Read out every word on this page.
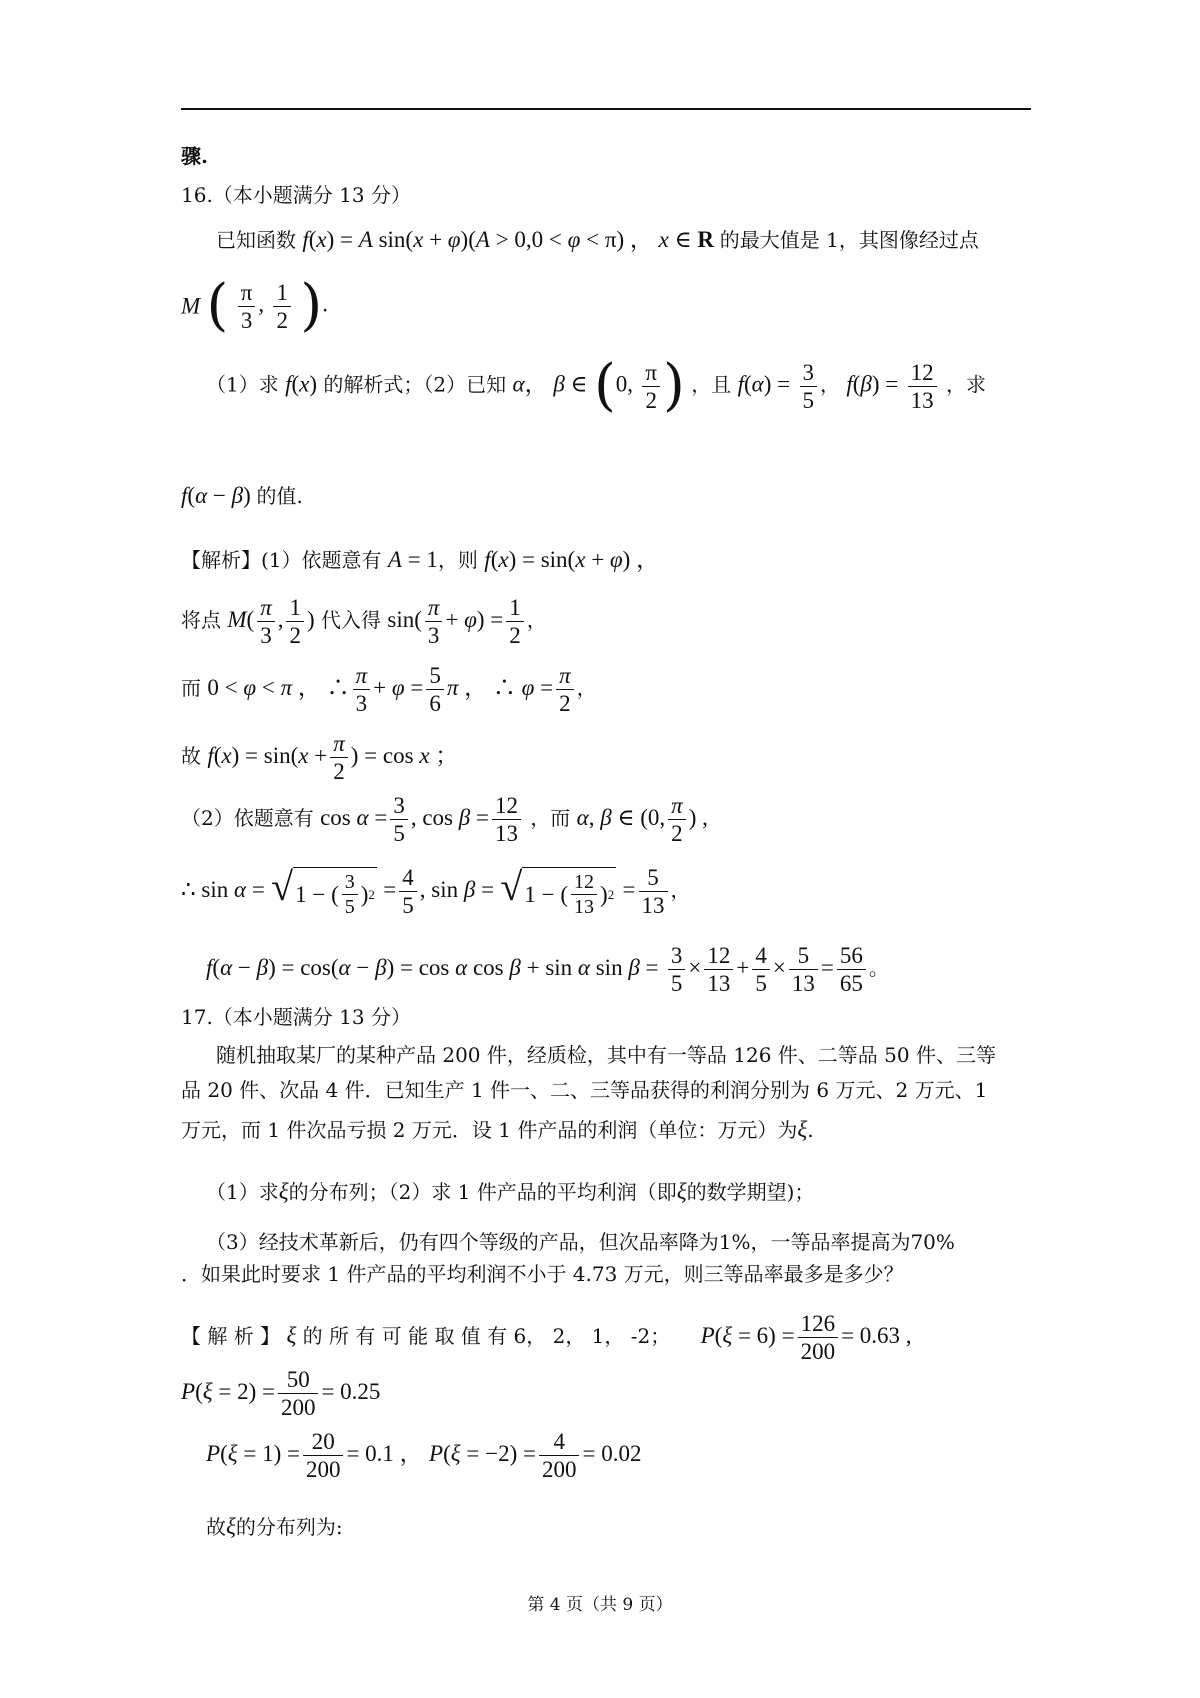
骤.
16.（本小题满分 13 分）
已知函数 f(x) = A sin(x + φ)(A > 0,0 < φ < π) ， x ∈ R 的最大值是 1，其图像经过点
M ( $\frac{\pi}{3}$ , $\frac{1}{2}$ ).
（1）求 f(x) 的解析式；（2）已知 α， β ∈ (0, $\frac{\pi}{2}$ ) ，且 $f(\alpha) = \frac{3}{5}$ ， $f(\beta) = \frac{12}{13}$ ，求
f(α − β) 的值.
【解析】(1）依题意有 A = 1，则 f(x) = sin(x + φ) ，
将点 $M( \frac{\pi}{3}$ , $\frac{1}{2}$ ) 代入得 $\sin( \frac{\pi}{3} + \varphi) = \frac{1}{2}$ ，
而 0 < φ < π ， ∴ $\frac{\pi}{3} + \varphi = \frac{5}{6}$ π ， ∴ $\varphi = \frac{\pi}{2}$ ，
故 $f(x) = \sin(x + \frac{\pi}{2}$ ) = cos x ；
（2）依题意有 $\cos \alpha = \frac{3}{5}$ , $\cos \beta = \frac{12}{13}$ ，而 α, β ∈ (0, $\frac{\pi}{2}$ ) ,
∴ sin α = √ 1 − ( $\frac{3}{5}$ ) $2 = \frac{4}{5}$ , sin β = √ 1 − ( $\frac{12}{13}$ ) $2 = \frac{5}{13}$ ，
f(α − β) = cos(α − β) = cos α cos β + sin α $\sin \beta = \frac{3}{5} \times \frac{12}{13} + \frac{4}{5} \times \frac{5}{13} = \frac{56}{65}$ 。
17.（本小题满分 13 分）
随机抽取某厂的某种产品 200 件，经质检，其中有一等品 126 件、二等品 50 件、三等
品 20 件、次品 4 件．已知生产 1 件一、二、三等品获得的利润分别为 6 万元、2 万元、1
万元，而 1 件次品亏损 2 万元．设 1 件产品的利润（单位：万元）为ξ.
（1）求ξ的分布列；（2）求 1 件产品的平均利润（即ξ的数学期望)；
（3）经技术革新后，仍有四个等级的产品，但次品率降为1%，一等品率提高为70%
．如果此时要求 1 件产品的平均利润不小于 4.73 万元，则三等品率最多是多少？
【 解 析 】 ξ 的 所 有 可 能 取 值 有 6， 2， 1， -2； $P(\xi = 6) = \frac{126}{200} = 0.63$ ,
$P(\xi = 2) = \frac{50}{200} = 0.25$
$P(\xi = 1) = \frac{20}{200} = 0.1$ ， $P(\xi = -2) = \frac{4}{200} = 0.02$
故ξ的分布列为:
第 4 页（共 9 页）
